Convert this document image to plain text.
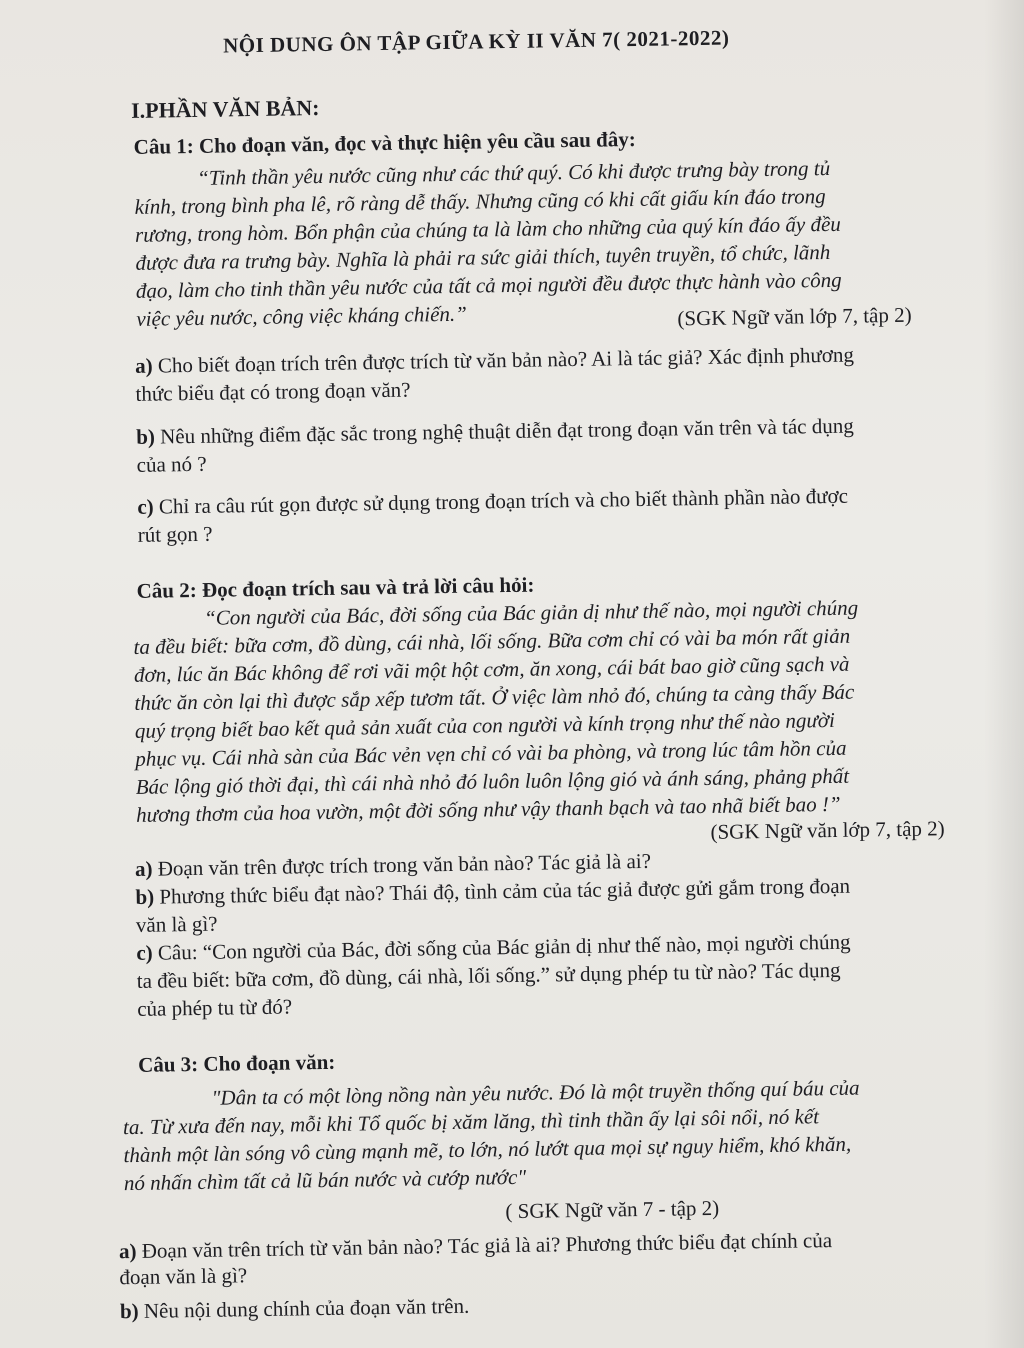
NỘI DUNG ÔN TẬP GIỮA KỲ II VĂN 7( 2021-2022)
I.PHẦN VĂN BẢN:
Câu 1: Cho đoạn văn, đọc và thực hiện yêu cầu sau đây:
“Tinh thần yêu nước cũng như các thứ quý. Có khi được trưng bày trong tủ
kính, trong bình pha lê, rõ ràng dễ thấy. Nhưng cũng có khi cất giấu kín đáo trong
rương, trong hòm. Bổn phận của chúng ta là làm cho những của quý kín đáo ấy đều
được đưa ra trưng bày. Nghĩa là phải ra sức giải thích, tuyên truyền, tổ chức, lãnh
đạo, làm cho tinh thần yêu nước của tất cả mọi người đều được thực hành vào công
việc yêu nước, công việc kháng chiến.”	(SGK Ngữ văn lớp 7, tập 2)
a) Cho biết đoạn trích trên được trích từ văn bản nào? Ai là tác giả? Xác định phương
thức biểu đạt có trong đoạn văn?
b) Nêu những điểm đặc sắc trong nghệ thuật diễn đạt trong đoạn văn trên và tác dụng
của nó ?
c) Chỉ ra câu rút gọn được sử dụng trong đoạn trích và cho biết thành phần nào được
rút gọn ?
Câu 2: Đọc đoạn trích sau và trả lời câu hỏi:
“Con người của Bác, đời sống của Bác giản dị như thế nào, mọi người chúng
ta đều biết: bữa cơm, đồ dùng, cái nhà, lối sống. Bữa cơm chỉ có vài ba món rất giản
đơn, lúc ăn Bác không để rơi vãi một hột cơm, ăn xong, cái bát bao giờ cũng sạch và
thức ăn còn lại thì được sắp xếp tươm tất. Ở việc làm nhỏ đó, chúng ta càng thấy Bác
quý trọng biết bao kết quả sản xuất của con người và kính trọng như thế nào người
phục vụ. Cái nhà sàn của Bác vẻn vẹn chỉ có vài ba phòng, và trong lúc tâm hồn của
Bác lộng gió thời đại, thì cái nhà nhỏ đó luôn luôn lộng gió và ánh sáng, phảng phất
hương thơm của hoa vườn, một đời sống như vậy thanh bạch và tao nhã biết bao !”
(SGK Ngữ văn lớp 7, tập 2)
a) Đoạn văn trên được trích trong văn bản nào? Tác giả là ai?
b) Phương thức biểu đạt nào? Thái độ, tình cảm của tác giả được gửi gắm trong đoạn
văn là gì?
c) Câu: “Con người của Bác, đời sống của Bác giản dị như thế nào, mọi người chúng
ta đều biết: bữa cơm, đồ dùng, cái nhà, lối sống.” sử dụng phép tu từ nào? Tác dụng
của phép tu từ đó?
Câu 3: Cho đoạn văn:
"Dân ta có một lòng nồng nàn yêu nước. Đó là một truyền thống quí báu của
ta. Từ xưa đến nay, mỗi khi Tổ quốc bị xăm lăng, thì tinh thần ấy lại sôi nổi, nó kết
thành một làn sóng vô cùng mạnh mẽ, to lớn, nó lướt qua mọi sự nguy hiểm, khó khăn,
nó nhấn chìm tất cả lũ bán nước và cướp nước"
( SGK Ngữ văn 7 - tập 2)
a) Đoạn văn trên trích từ văn bản nào? Tác giả là ai? Phương thức biểu đạt chính của
đoạn văn là gì?
b) Nêu nội dung chính của đoạn văn trên.
